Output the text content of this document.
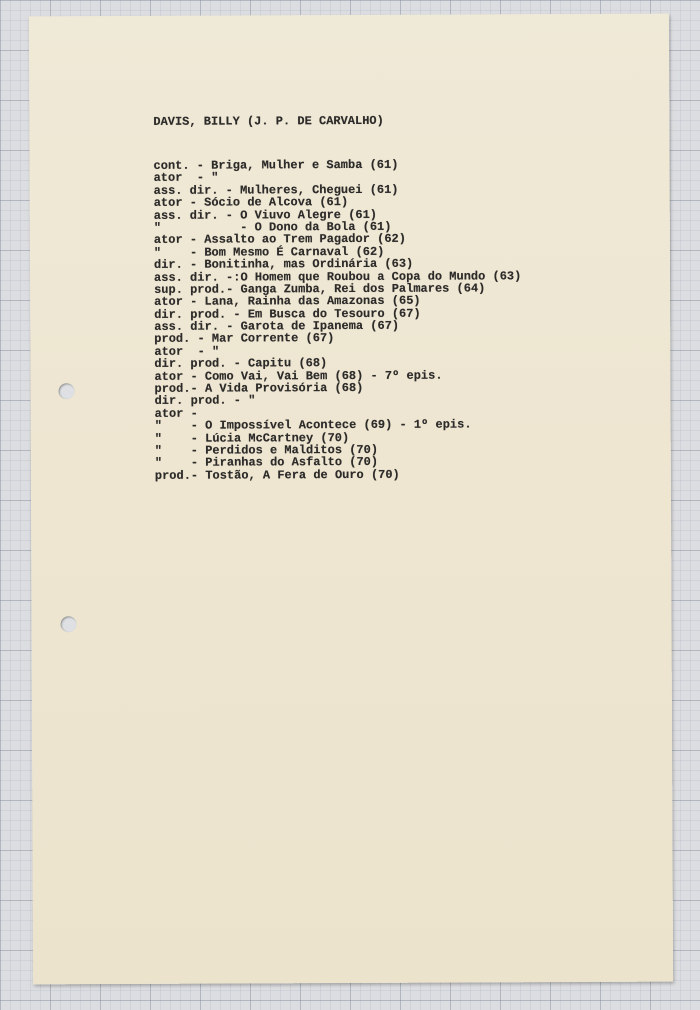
DAVIS, BILLY (J. P. DE CARVALHO)
cont. - Briga, Mulher e Samba (61)
ator  - "
ass. dir. - Mulheres, Cheguei (61)
ator - Sócio de Alcova (61)
ass. dir. - O Viuvo Alegre (61)
"           - O Dono da Bola (61)
ator - Assalto ao Trem Pagador (62)
"    - Bom Mesmo É Carnaval (62)
dir. - Bonitinha, mas Ordinária (63)
ass. dir. -:O Homem que Roubou a Copa do Mundo (63)
sup. prod.- Ganga Zumba, Rei dos Palmares (64)
ator - Lana, Rainha das Amazonas (65)
dir. prod. - Em Busca do Tesouro (67)
ass. dir. - Garota de Ipanema (67)
prod. - Mar Corrente (67)
ator  - "
dir. prod. - Capitu (68)
ator - Como Vai, Vai Bem (68) - 7º epis.
prod.- A Vida Provisória (68)
dir. prod. - "
ator -
"    - O Impossível Acontece (69) - 1º epis.
"    - Lúcia McCartney (70)
"    - Perdidos e Malditos (70)
"    - Piranhas do Asfalto (70)
prod.- Tostão, A Fera de Ouro (70)
